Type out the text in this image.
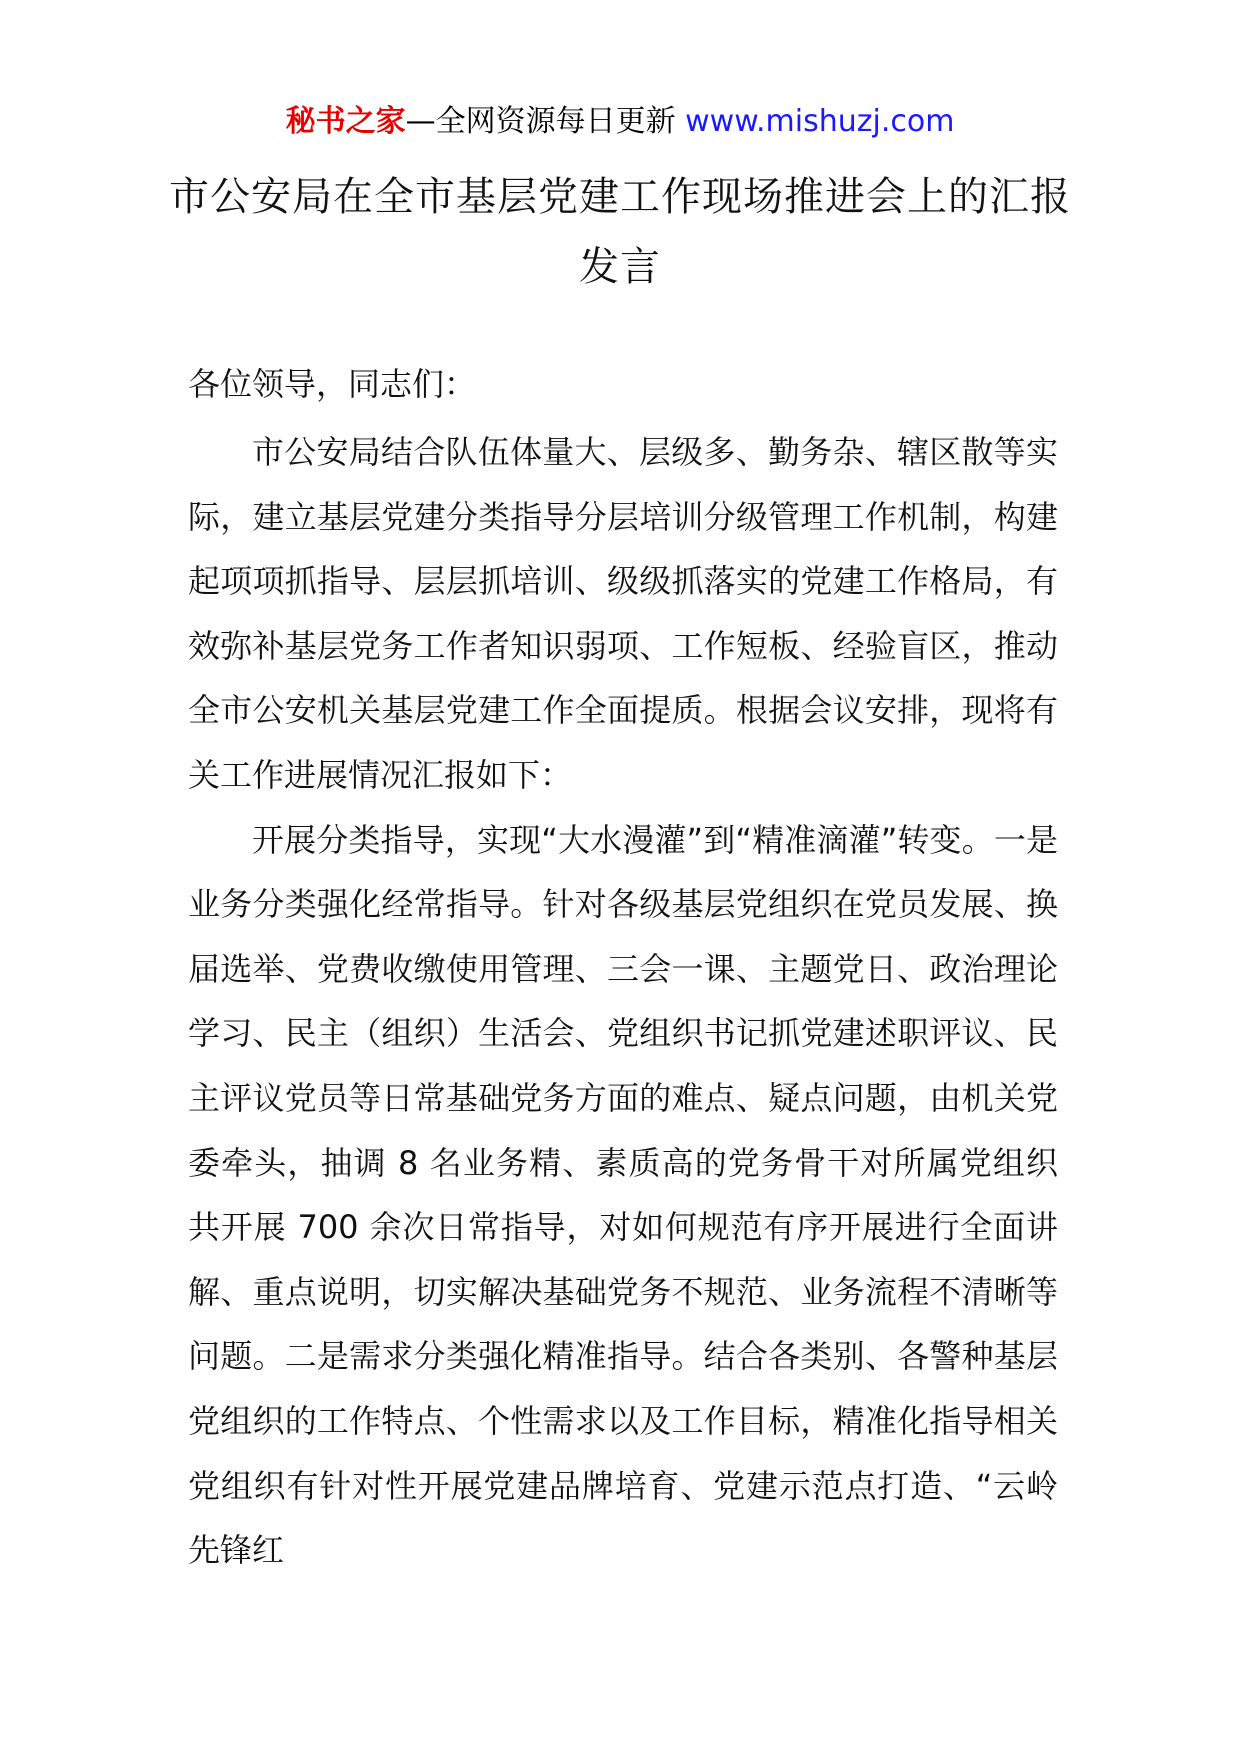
秘书之家—全网资源每日更新 www.mishuzj.com
市公安局在全市基层党建工作现场推进会上的汇报发言
各位领导，同志们：

市公安局结合队伍体量大、层级多、勤务杂、辖区散等实际，建立基层党建分类指导分层培训分级管理工作机制，构建起项项抓指导、层层抓培训、级级抓落实的党建工作格局，有效弥补基层党务工作者知识弱项、工作短板、经验盲区，推动全市公安机关基层党建工作全面提质。根据会议安排，现将有关工作进展情况汇报如下：

开展分类指导，实现“大水漫灌”到“精准滴灌”转变。一是业务分类强化经常指导。针对各级基层党组织在党员发展、换届选举、党费收缴使用管理、三会一课、主题党日、政治理论学习、民主（组织）生活会、党组织书记抓党建述职评议、民主评议党员等日常基础党务方面的难点、疑点问题，由机关党委牵头，抽调 8 名业务精、素质高的党务骨干对所属党组织共开展 700 余次日常指导，对如何规范有序开展进行全面讲解、重点说明，切实解决基础党务不规范、业务流程不清晰等问题。二是需求分类强化精准指导。结合各类别、各警种基层党组织的工作特点、个性需求以及工作目标，精准化指导相关党组织有针对性开展党建品牌培育、党建示范点打造、“云岭先锋红
